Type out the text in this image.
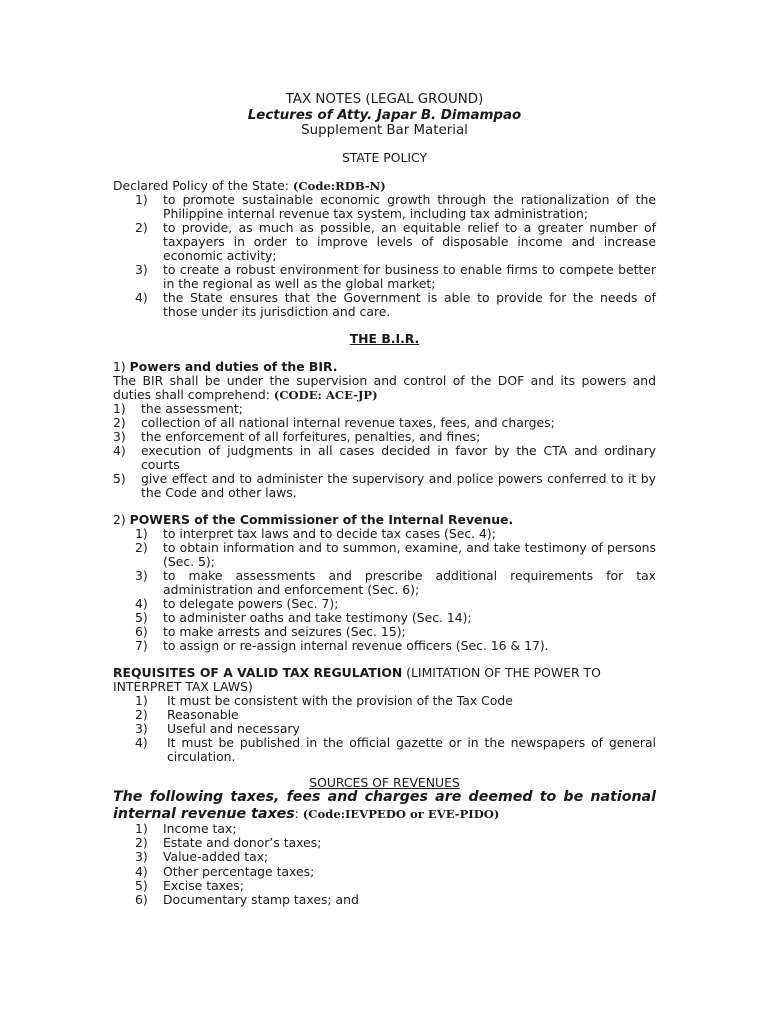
TAX NOTES (LEGAL GROUND)
Lectures of Atty. Japar B. Dimampao
Supplement Bar Material
STATE POLICY
Declared Policy of the State: (Code:RDB-N)
1) to promote sustainable economic growth through the rationalization of the Philippine internal revenue tax system, including tax administration;
2) to provide, as much as possible, an equitable relief to a greater number of taxpayers in order to improve levels of disposable income and increase economic activity;
3) to create a robust environment for business to enable firms to compete better in the regional as well as the global market;
4) the State ensures that the Government is able to provide for the needs of those under its jurisdiction and care.
THE B.I.R.
1) Powers and duties of the BIR.
The BIR shall be under the supervision and control of the DOF and its powers and duties shall comprehend: (CODE: ACE-JP)
1) the assessment;
2) collection of all national internal revenue taxes, fees, and charges;
3) the enforcement of all forfeitures, penalties, and fines;
4) execution of judgments in all cases decided in favor by the CTA and ordinary courts
5) give effect and to administer the supervisory and police powers conferred to it by the Code and other laws.
2) POWERS of the Commissioner of the Internal Revenue.
1) to interpret tax laws and to decide tax cases (Sec. 4);
2) to obtain information and to summon, examine, and take testimony of persons (Sec. 5);
3) to make assessments and prescribe additional requirements for tax administration and enforcement (Sec. 6);
4) to delegate powers (Sec. 7);
5) to administer oaths and take testimony (Sec. 14);
6) to make arrests and seizures (Sec. 15);
7) to assign or re-assign internal revenue officers (Sec. 16 & 17).
REQUISITES OF A VALID TAX REGULATION (LIMITATION OF THE POWER TO INTERPRET TAX LAWS)
1) It must be consistent with the provision of the Tax Code
2) Reasonable
3) Useful and necessary
4) It must be published in the official gazette or in the newspapers of general circulation.
SOURCES OF REVENUES
The following taxes, fees and charges are deemed to be national internal revenue taxes: (Code:IEVPEDO or EVE-PIDO)
1) Income tax;
2) Estate and donor’s taxes;
3) Value-added tax;
4) Other percentage taxes;
5) Excise taxes;
6) Documentary stamp taxes; and
